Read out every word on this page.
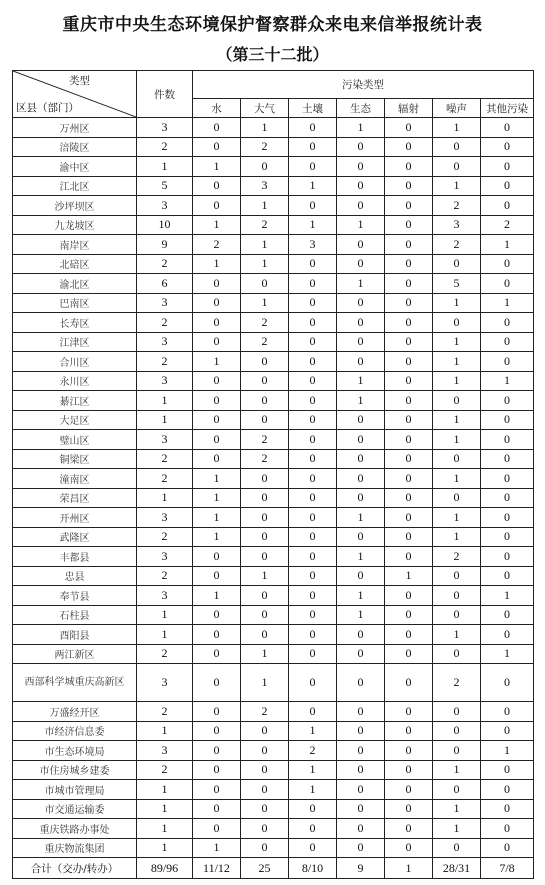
重庆市中央生态环境保护督察群众来电来信举报统计表
（第三十二批）
类型
区县（部门）	件数	污染类型						
		水	大气	土壤	生态	辐射	噪声	其他污染
万州区	3	0	1	0	1	0	1	0
涪陵区	2	0	2	0	0	0	0	0
渝中区	1	1	0	0	0	0	0	0
江北区	5	0	3	1	0	0	1	0
沙坪坝区	3	0	1	0	0	0	2	0
九龙坡区	10	1	2	1	1	0	3	2
南岸区	9	2	1	3	0	0	2	1
北碚区	2	1	1	0	0	0	0	0
渝北区	6	0	0	0	1	0	5	0
巴南区	3	0	1	0	0	0	1	1
长寿区	2	0	2	0	0	0	0	0
江津区	3	0	2	0	0	0	1	0
合川区	2	1	0	0	0	0	1	0
永川区	3	0	0	0	1	0	1	1
綦江区	1	0	0	0	1	0	0	0
大足区	1	0	0	0	0	0	1	0
璧山区	3	0	2	0	0	0	1	0
铜梁区	2	0	2	0	0	0	0	0
潼南区	2	1	0	0	0	0	1	0
荣昌区	1	1	0	0	0	0	0	0
开州区	3	1	0	0	1	0	1	0
武隆区	2	1	0	0	0	0	1	0
丰都县	3	0	0	0	1	0	2	0
忠县	2	0	1	0	0	1	0	0
奉节县	3	1	0	0	1	0	0	1
石柱县	1	0	0	0	1	0	0	0
酉阳县	1	0	0	0	0	0	1	0
两江新区	2	0	1	0	0	0	0	1
西部科学城重庆高新区	3	0	1	0	0	0	2	0
万盛经开区	2	0	2	0	0	0	0	0
市经济信息委	1	0	0	1	0	0	0	0
市生态环境局	3	0	0	2	0	0	0	1
市住房城乡建委	2	0	0	1	0	0	1	0
市城市管理局	1	0	0	1	0	0	0	0
市交通运输委	1	0	0	0	0	0	1	0
重庆铁路办事处	1	0	0	0	0	0	1	0
重庆物流集团	1	1	0	0	0	0	0	0
合计（交办/转办）	89/96	11/12	25	8/10	9	1	28/31	7/8
